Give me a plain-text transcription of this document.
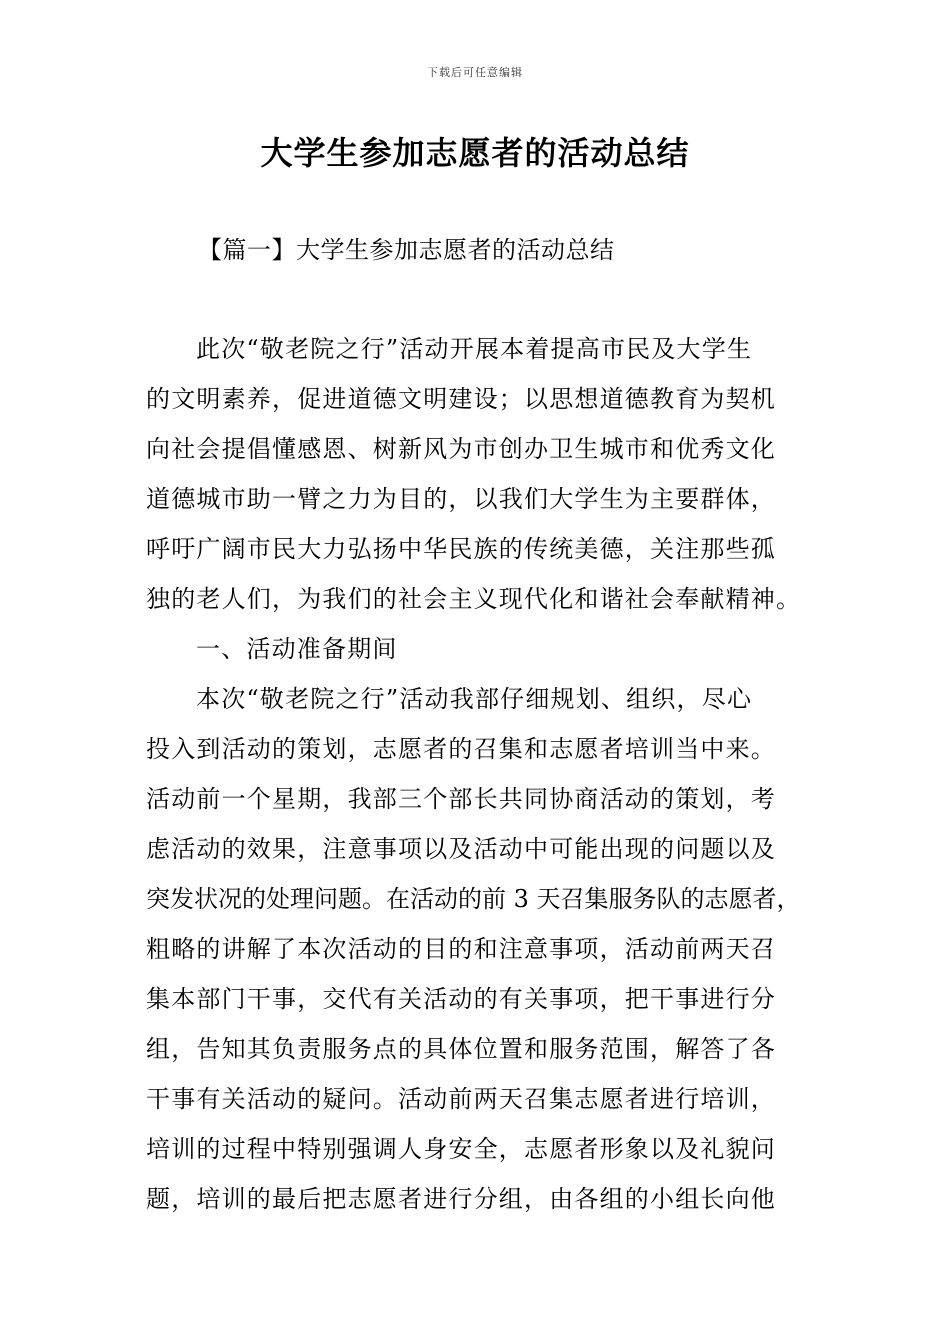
下载后可任意编辑
大学生参加志愿者的活动总结
【篇一】大学生参加志愿者的活动总结
此次“敬老院之行”活动开展本着提高市民及大学生
的文明素养，促进道德文明建设；以思想道德教育为契机
向社会提倡懂感恩、树新风为市创办卫生城市和优秀文化
道德城市助一臂之力为目的，以我们大学生为主要群体，
呼吁广阔市民大力弘扬中华民族的传统美德，关注那些孤
独的老人们，为我们的社会主义现代化和谐社会奉献精神。
一、活动准备期间
本次“敬老院之行”活动我部仔细规划、组织，尽心
投入到活动的策划，志愿者的召集和志愿者培训当中来。
活动前一个星期，我部三个部长共同协商活动的策划，考
虑活动的效果，注意事项以及活动中可能出现的问题以及
突发状况的处理问题。在活动的前 3 天召集服务队的志愿者，
粗略的讲解了本次活动的目的和注意事项，活动前两天召
集本部门干事，交代有关活动的有关事项，把干事进行分
组，告知其负责服务点的具体位置和服务范围，解答了各
干事有关活动的疑问。活动前两天召集志愿者进行培训，
培训的过程中特别强调人身安全，志愿者形象以及礼貌问
题，培训的最后把志愿者进行分组，由各组的小组长向他
